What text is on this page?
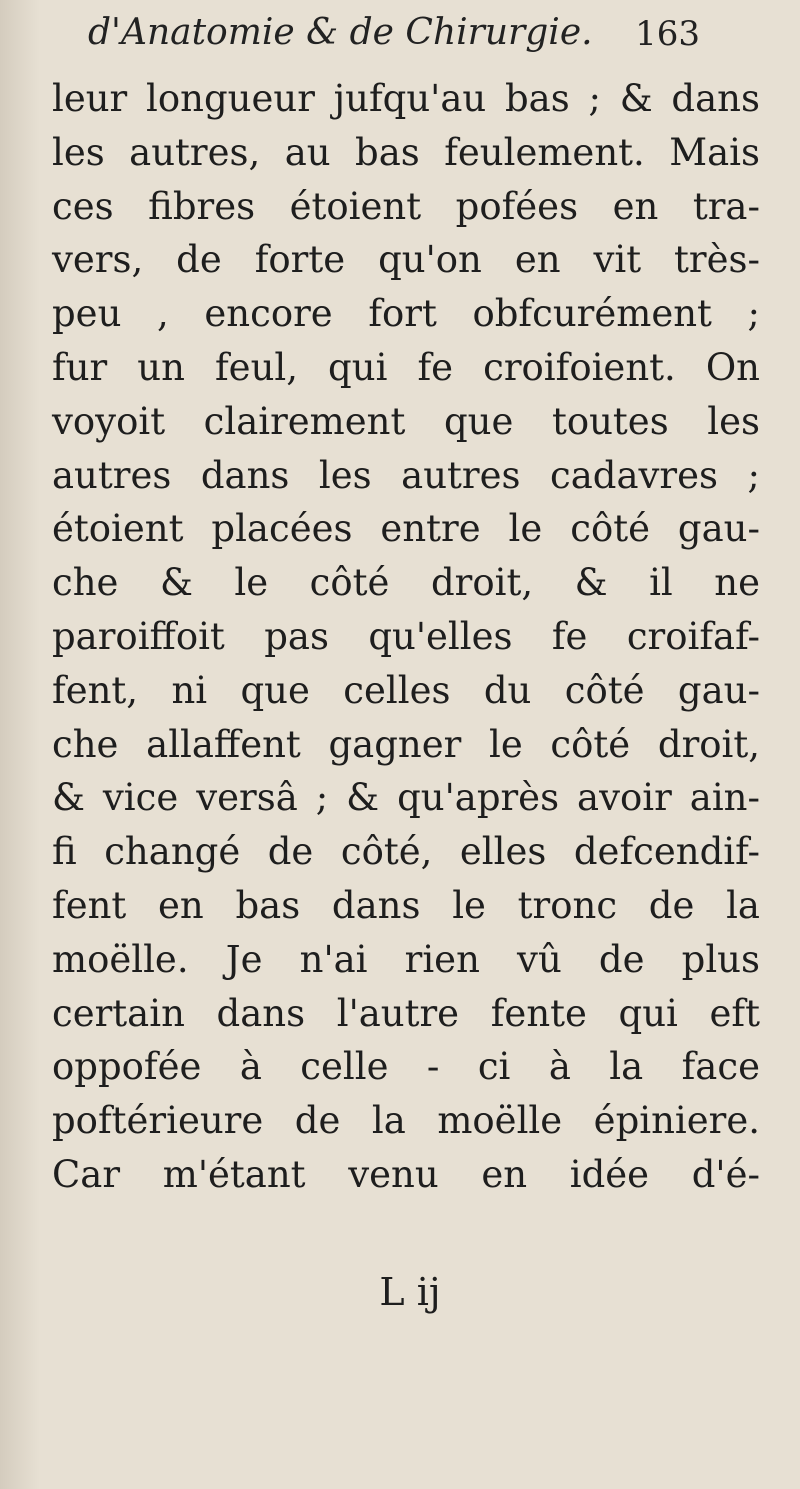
d'Anatomie & de Chirurgie. 163
leur longueur jufqu'au bas ; & dans
les autres, au bas feulement. Mais
ces fibres étoient pofées en tra-
vers, de forte qu'on en vit très-
peu , encore fort obfcurément ;
fur un feul, qui fe croifoient. On
voyoit clairement que toutes les
autres dans les autres cadavres ;
étoient placées entre le côté gau-
che & le côté droit, & il ne
paroiffoit pas qu'elles fe croifaf-
fent, ni que celles du côté gau-
che allaffent gagner le côté droit,
& vice versâ ; & qu'après avoir ain-
fi changé de côté, elles defcendif-
fent en bas dans le tronc de la
moëlle. Je n'ai rien vû de plus
certain dans l'autre fente qui eft
oppofée à celle - ci à la face
poftérieure de la moëlle épiniere.
Car m'étant venu en idée d'é-
L ij
